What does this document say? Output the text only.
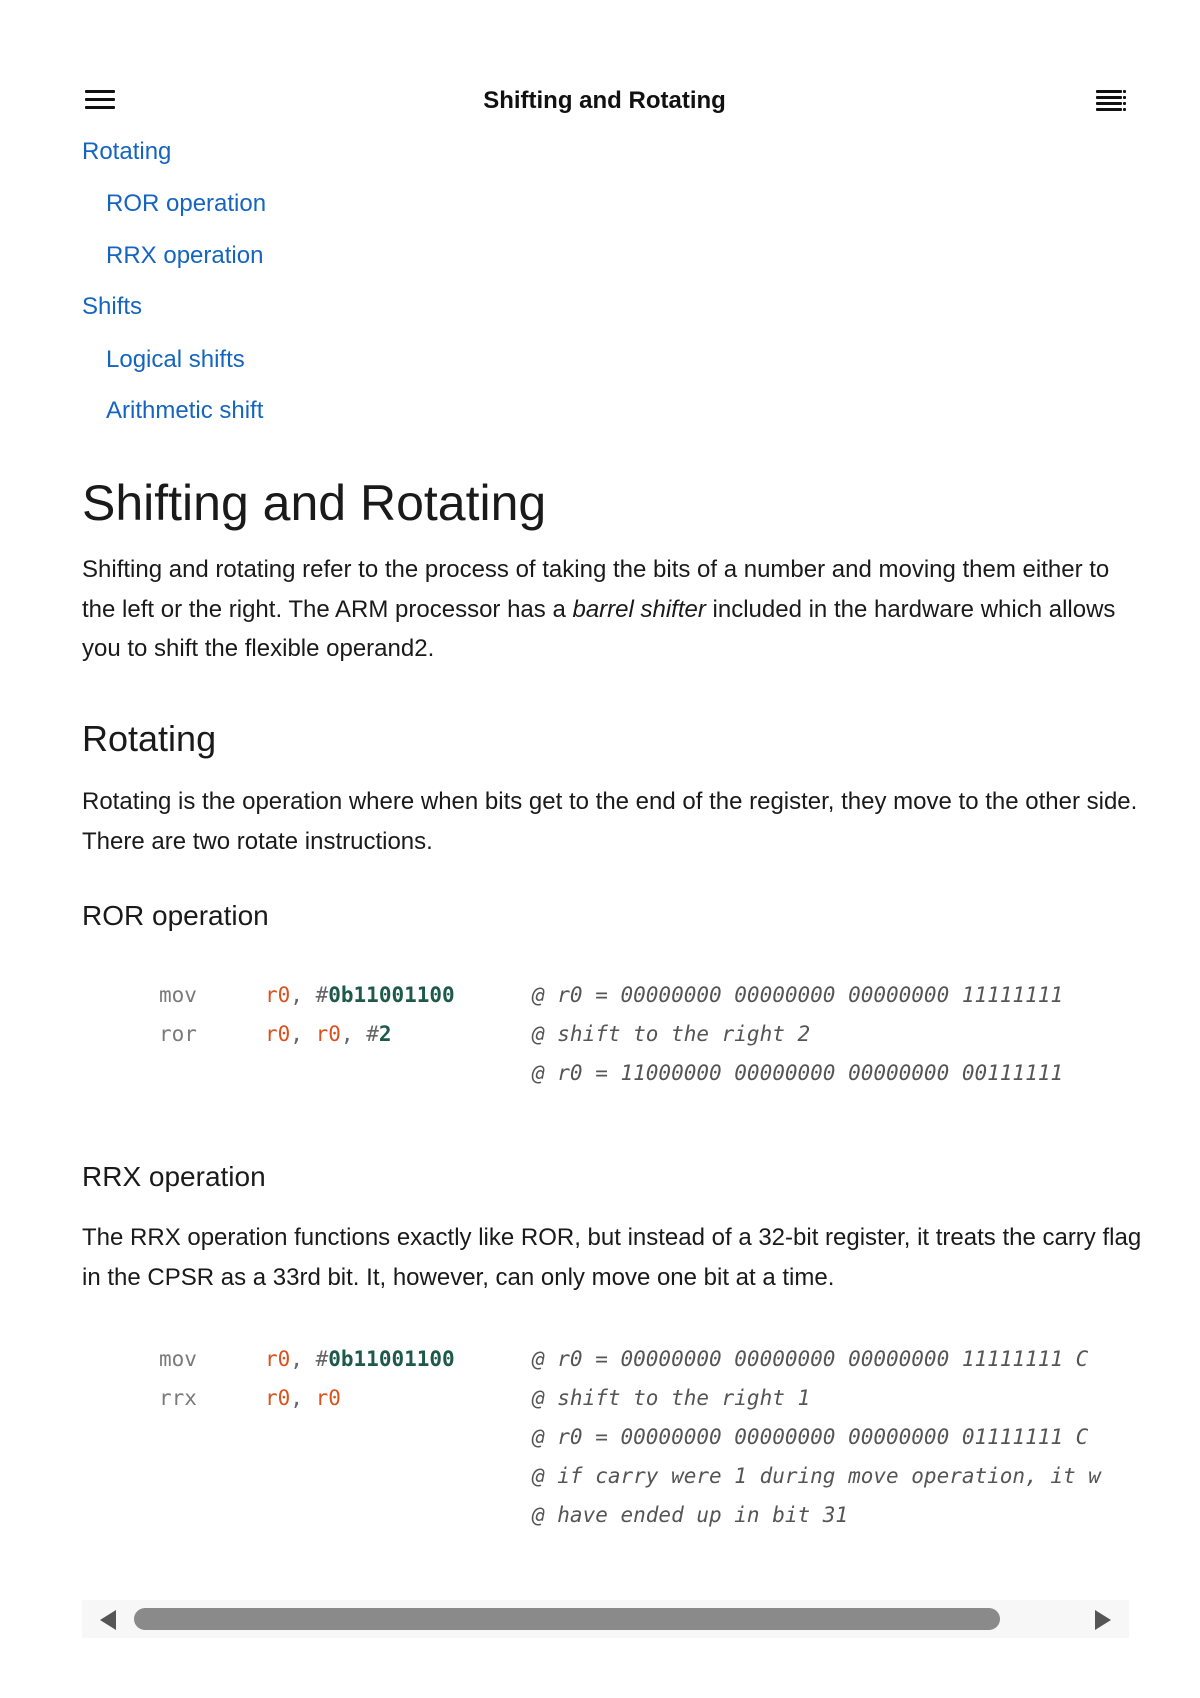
Shifting and Rotating
Rotating
ROR operation
RRX operation
Shifts
Logical shifts
Arithmetic shift
Shifting and Rotating

Shifting and rotating refer to the process of taking the bits of a number and moving them either to the left or the right. The ARM processor has a barrel shifter included in the hardware which allows you to shift the flexible operand2.

Rotating

Rotating is the operation where when bits get to the end of the register, they move to the other side. There are two rotate instructions.

ROR operation
mov	r0, #0b11001100	@ r0 = 00000000 00000000 00000000 11111111
ror	r0, r0, #2	@ shift to the right 2
@ r0 = 11000000 00000000 00000000 00111111
RRX operation

The RRX operation functions exactly like ROR, but instead of a 32-bit register, it treats the carry flag in the CPSR as a 33rd bit. It, however, can only move one bit at a time.

mov	r0, #0b11001100	@ r0 = 00000000 00000000 00000000 11111111 C
rrx	r0, r0	@ shift to the right 1
@ r0 = 00000000 00000000 00000000 01111111 C
@ if carry were 1 during move operation, it w
@ have ended up in bit 31
